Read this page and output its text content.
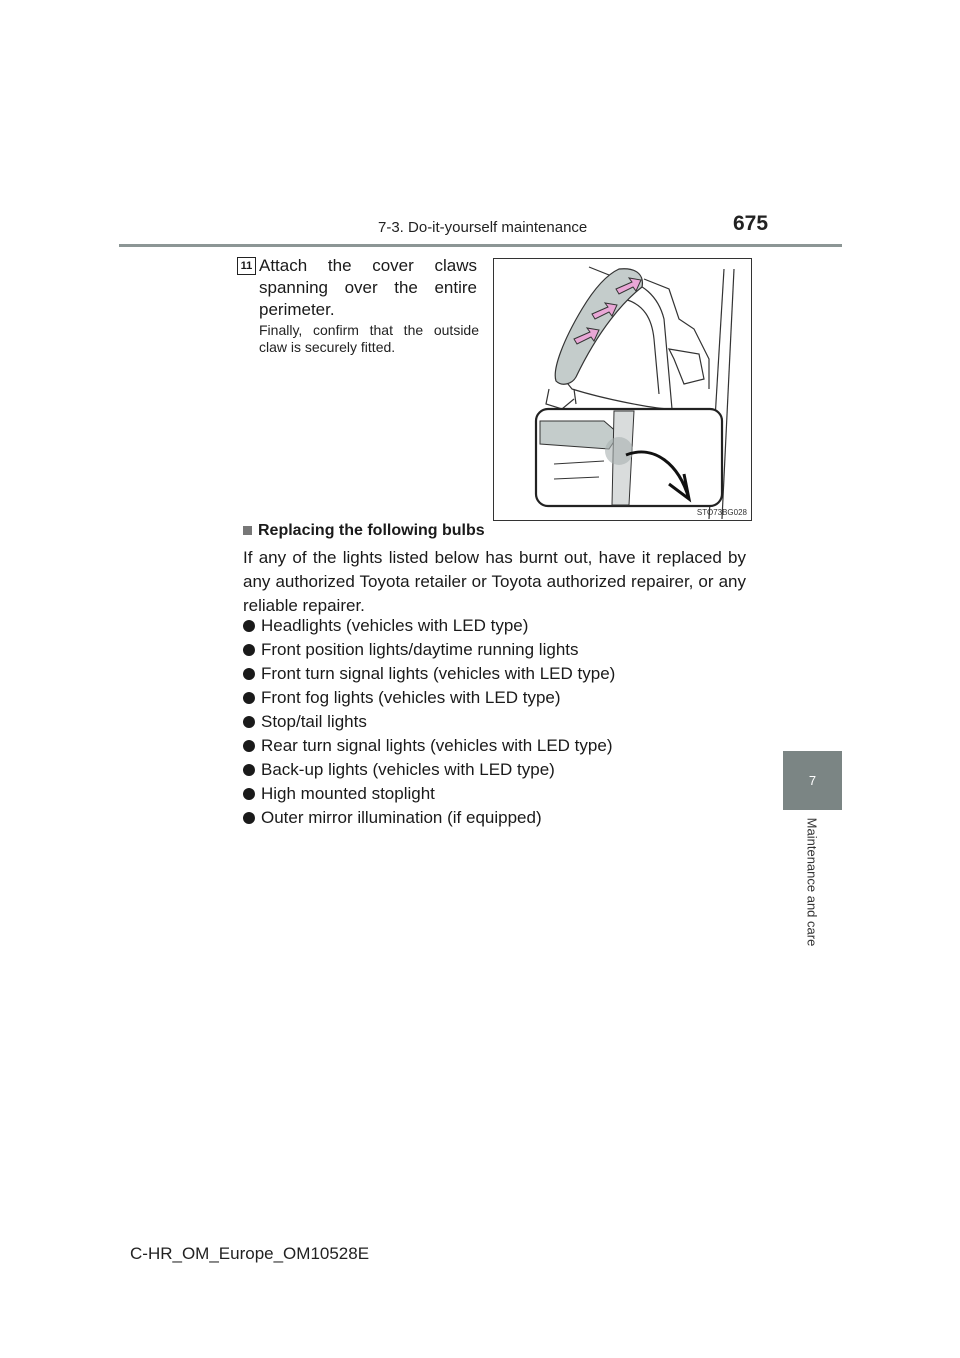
7-3. Do-it-yourself maintenance	675
7
Maintenance and care
11 Attach the cover claws spanning over the entire perimeter.
Finally, confirm that the outside claw is securely fitted.
STO73BG028
Replacing the following bulbs
If any of the lights listed below has burnt out, have it replaced by any authorized Toyota retailer or Toyota authorized repairer, or any reliable repairer.
Headlights (vehicles with LED type)
Front position lights/daytime running lights
Front turn signal lights (vehicles with LED type)
Front fog lights (vehicles with LED type)
Stop/tail lights
Rear turn signal lights (vehicles with LED type)
Back-up lights (vehicles with LED type)
High mounted stoplight
Outer mirror illumination (if equipped)
C-HR_OM_Europe_OM10528E
